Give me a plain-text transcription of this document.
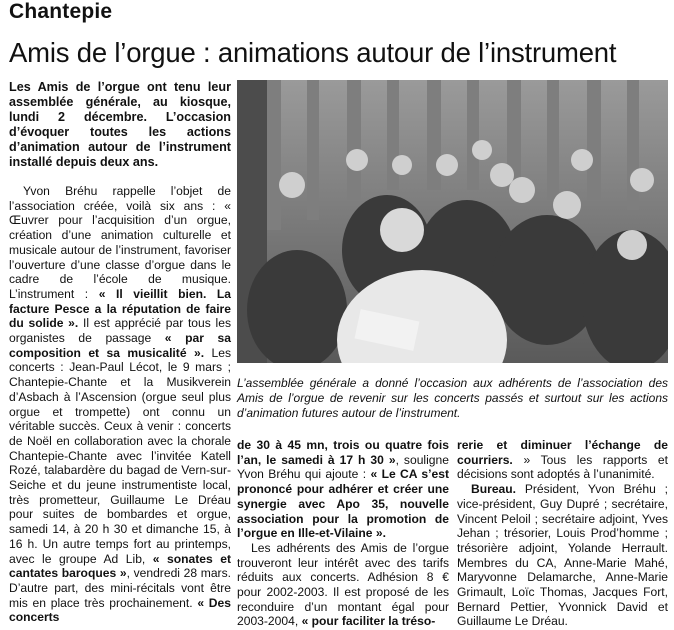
Chantepie
Amis de l’orgue : animations autour de l’instrument

Les Amis de l’orgue ont tenu leur assemblée générale, au kiosque, lundi 2 décembre. L’occasion d’évoquer toutes les actions d’animation autour de l’instrument installé depuis deux ans.

Yvon Bréhu rappelle l’objet de l’association créée, voilà six ans : « Œuvrer pour l’acquisition d’un orgue, création d’une animation culturelle et musicale autour de l’instrument, favoriser l’ouverture d’une classe d’orgue dans le cadre de l’école de musique. L’instrument : « Il vieillit bien. La facture Pesce a la réputation de faire du solide ». Il est apprécié par tous les organistes de passage « par sa composition et sa musicalité ». Les concerts : Jean-Paul Lécot, le 9 mars ; Chantepie-Chante et la Musikverein d’Asbach à l’Ascension (orgue seul plus orgue et trompette) ont connu un véritable succès. Ceux à venir : concerts de Noël en collaboration avec la chorale Chantepie-Chante avec l’invitée Katell Rozé, talabardère du bagad de Vern-sur-Seiche et du jeune instrumentiste local, très prometteur, Guillaume Le Dréau pour suites de bombardes et orgue, samedi 14, à 20 h 30 et dimanche 15, à 16 h. Un autre temps fort au printemps, avec le groupe Ad Lib, « sonates et cantates baroques », vendredi 28 mars. D’autre part, des mini-récitals vont être mis en place très prochainement. « Des concerts

L’assemblée générale a donné l’occasion aux adhérents de l’association des Amis de l’orgue de revenir sur les concerts passés et surtout sur les actions d’animation futures autour de l’instrument.

de 30 à 45 mn, trois ou quatre fois l’an, le samedi à 17 h 30 », souligne Yvon Bréhu qui ajoute : « Le CA s’est prononcé pour adhérer et créer une synergie avec Apo 35, nouvelle association pour la promotion de l’orgue en Ille-et-Vilaine ».

Les adhérents des Amis de l’orgue trouveront leur intérêt avec des tarifs réduits aux concerts. Adhésion 8 € pour 2002-2003. Il est proposé de les reconduire d’un montant égal pour 2003-2004, « pour faciliter la tréso-

rerie et diminuer l’échange de courriers. » Tous les rapports et décisions sont adoptés à l’unanimité.

Bureau. Président, Yvon Bréhu ; vice-président, Guy Dupré ; secrétaire, Vincent Peloil ; secrétaire adjoint, Yves Jehan ; trésorier, Louis Prod’homme ; trésorière adjoint, Yolande Herrault. Membres du CA, Anne-Marie Mahé, Maryvonne Delamarche, Anne-Marie Grimault, Loïc Thomas, Jacques Fort, Bernard Pettier, Yvonnick David et Guillaume Le Dréau.
